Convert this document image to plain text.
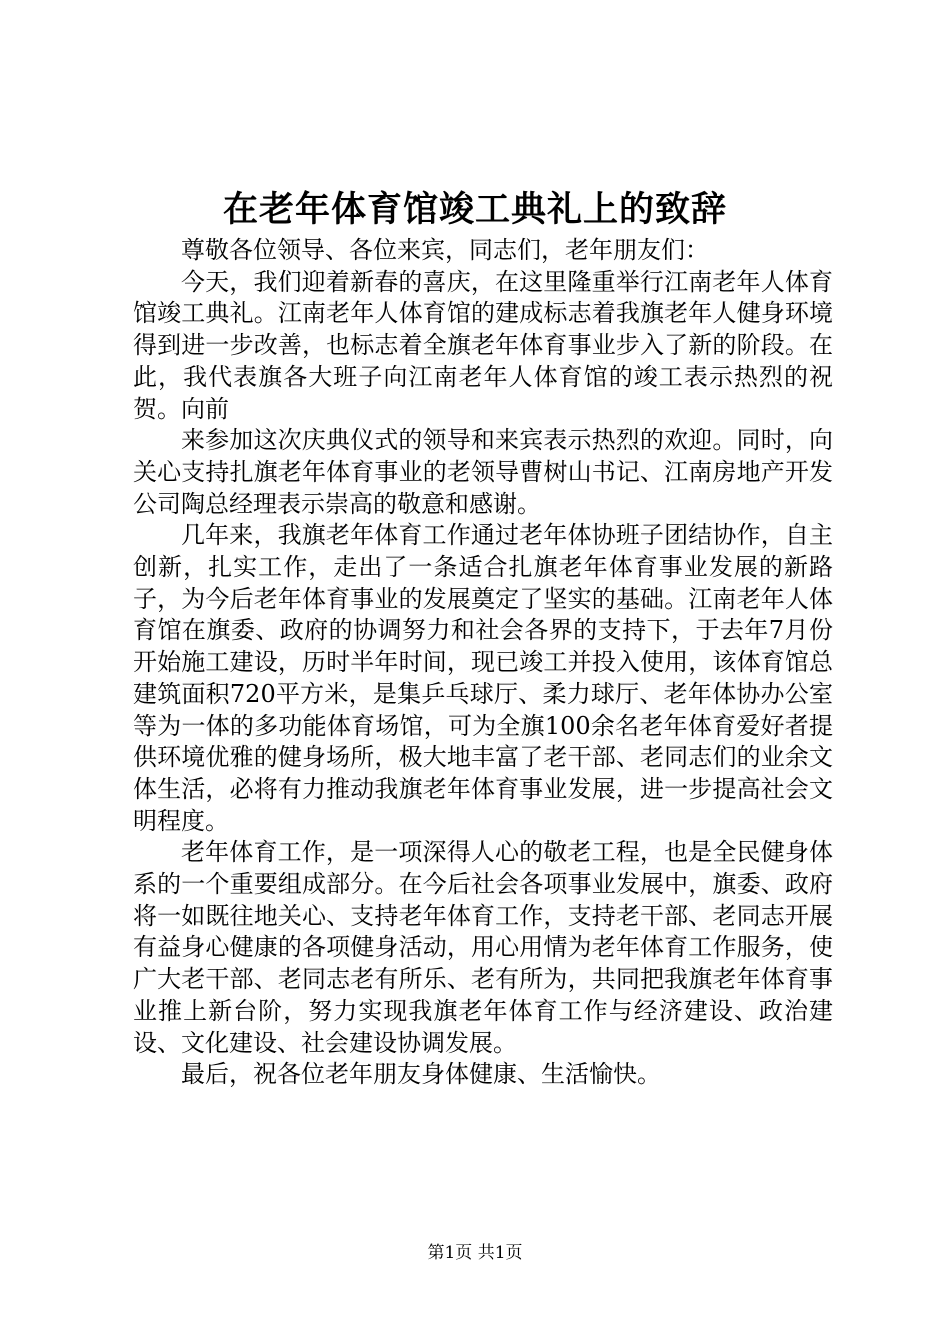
在老年体育馆竣工典礼上的致辞

尊敬各位领导、各位来宾，同志们，老年朋友们：

今天，我们迎着新春的喜庆，在这里隆重举行江南老年人体育馆竣工典礼。江南老年人体育馆的建成标志着我旗老年人健身环境得到进一步改善，也标志着全旗老年体育事业步入了新的阶段。在此，我代表旗各大班子向江南老年人体育馆的竣工表示热烈的祝贺。向前

来参加这次庆典仪式的领导和来宾表示热烈的欢迎。同时，向关心支持扎旗老年体育事业的老领导曹树山书记、江南房地产开发公司陶总经理表示崇高的敬意和感谢。

几年来，我旗老年体育工作通过老年体协班子团结协作，自主创新，扎实工作，走出了一条适合扎旗老年体育事业发展的新路子，为今后老年体育事业的发展奠定了坚实的基础。江南老年人体育馆在旗委、政府的协调努力和社会各界的支持下，于去年7月份开始施工建设，历时半年时间，现已竣工并投入使用，该体育馆总建筑面积720平方米，是集乒乓球厅、柔力球厅、老年体协办公室等为一体的多功能体育场馆，可为全旗100余名老年体育爱好者提供环境优雅的健身场所，极大地丰富了老干部、老同志们的业余文体生活，必将有力推动我旗老年体育事业发展，进一步提高社会文明程度。

老年体育工作，是一项深得人心的敬老工程，也是全民健身体系的一个重要组成部分。在今后社会各项事业发展中，旗委、政府将一如既往地关心、支持老年体育工作，支持老干部、老同志开展有益身心健康的各项健身活动，用心用情为老年体育工作服务，使广大老干部、老同志老有所乐、老有所为，共同把我旗老年体育事业推上新台阶，努力实现我旗老年体育工作与经济建设、政治建设、文化建设、社会建设协调发展。

最后，祝各位老年朋友身体健康、生活愉快。

第1页 共1页
